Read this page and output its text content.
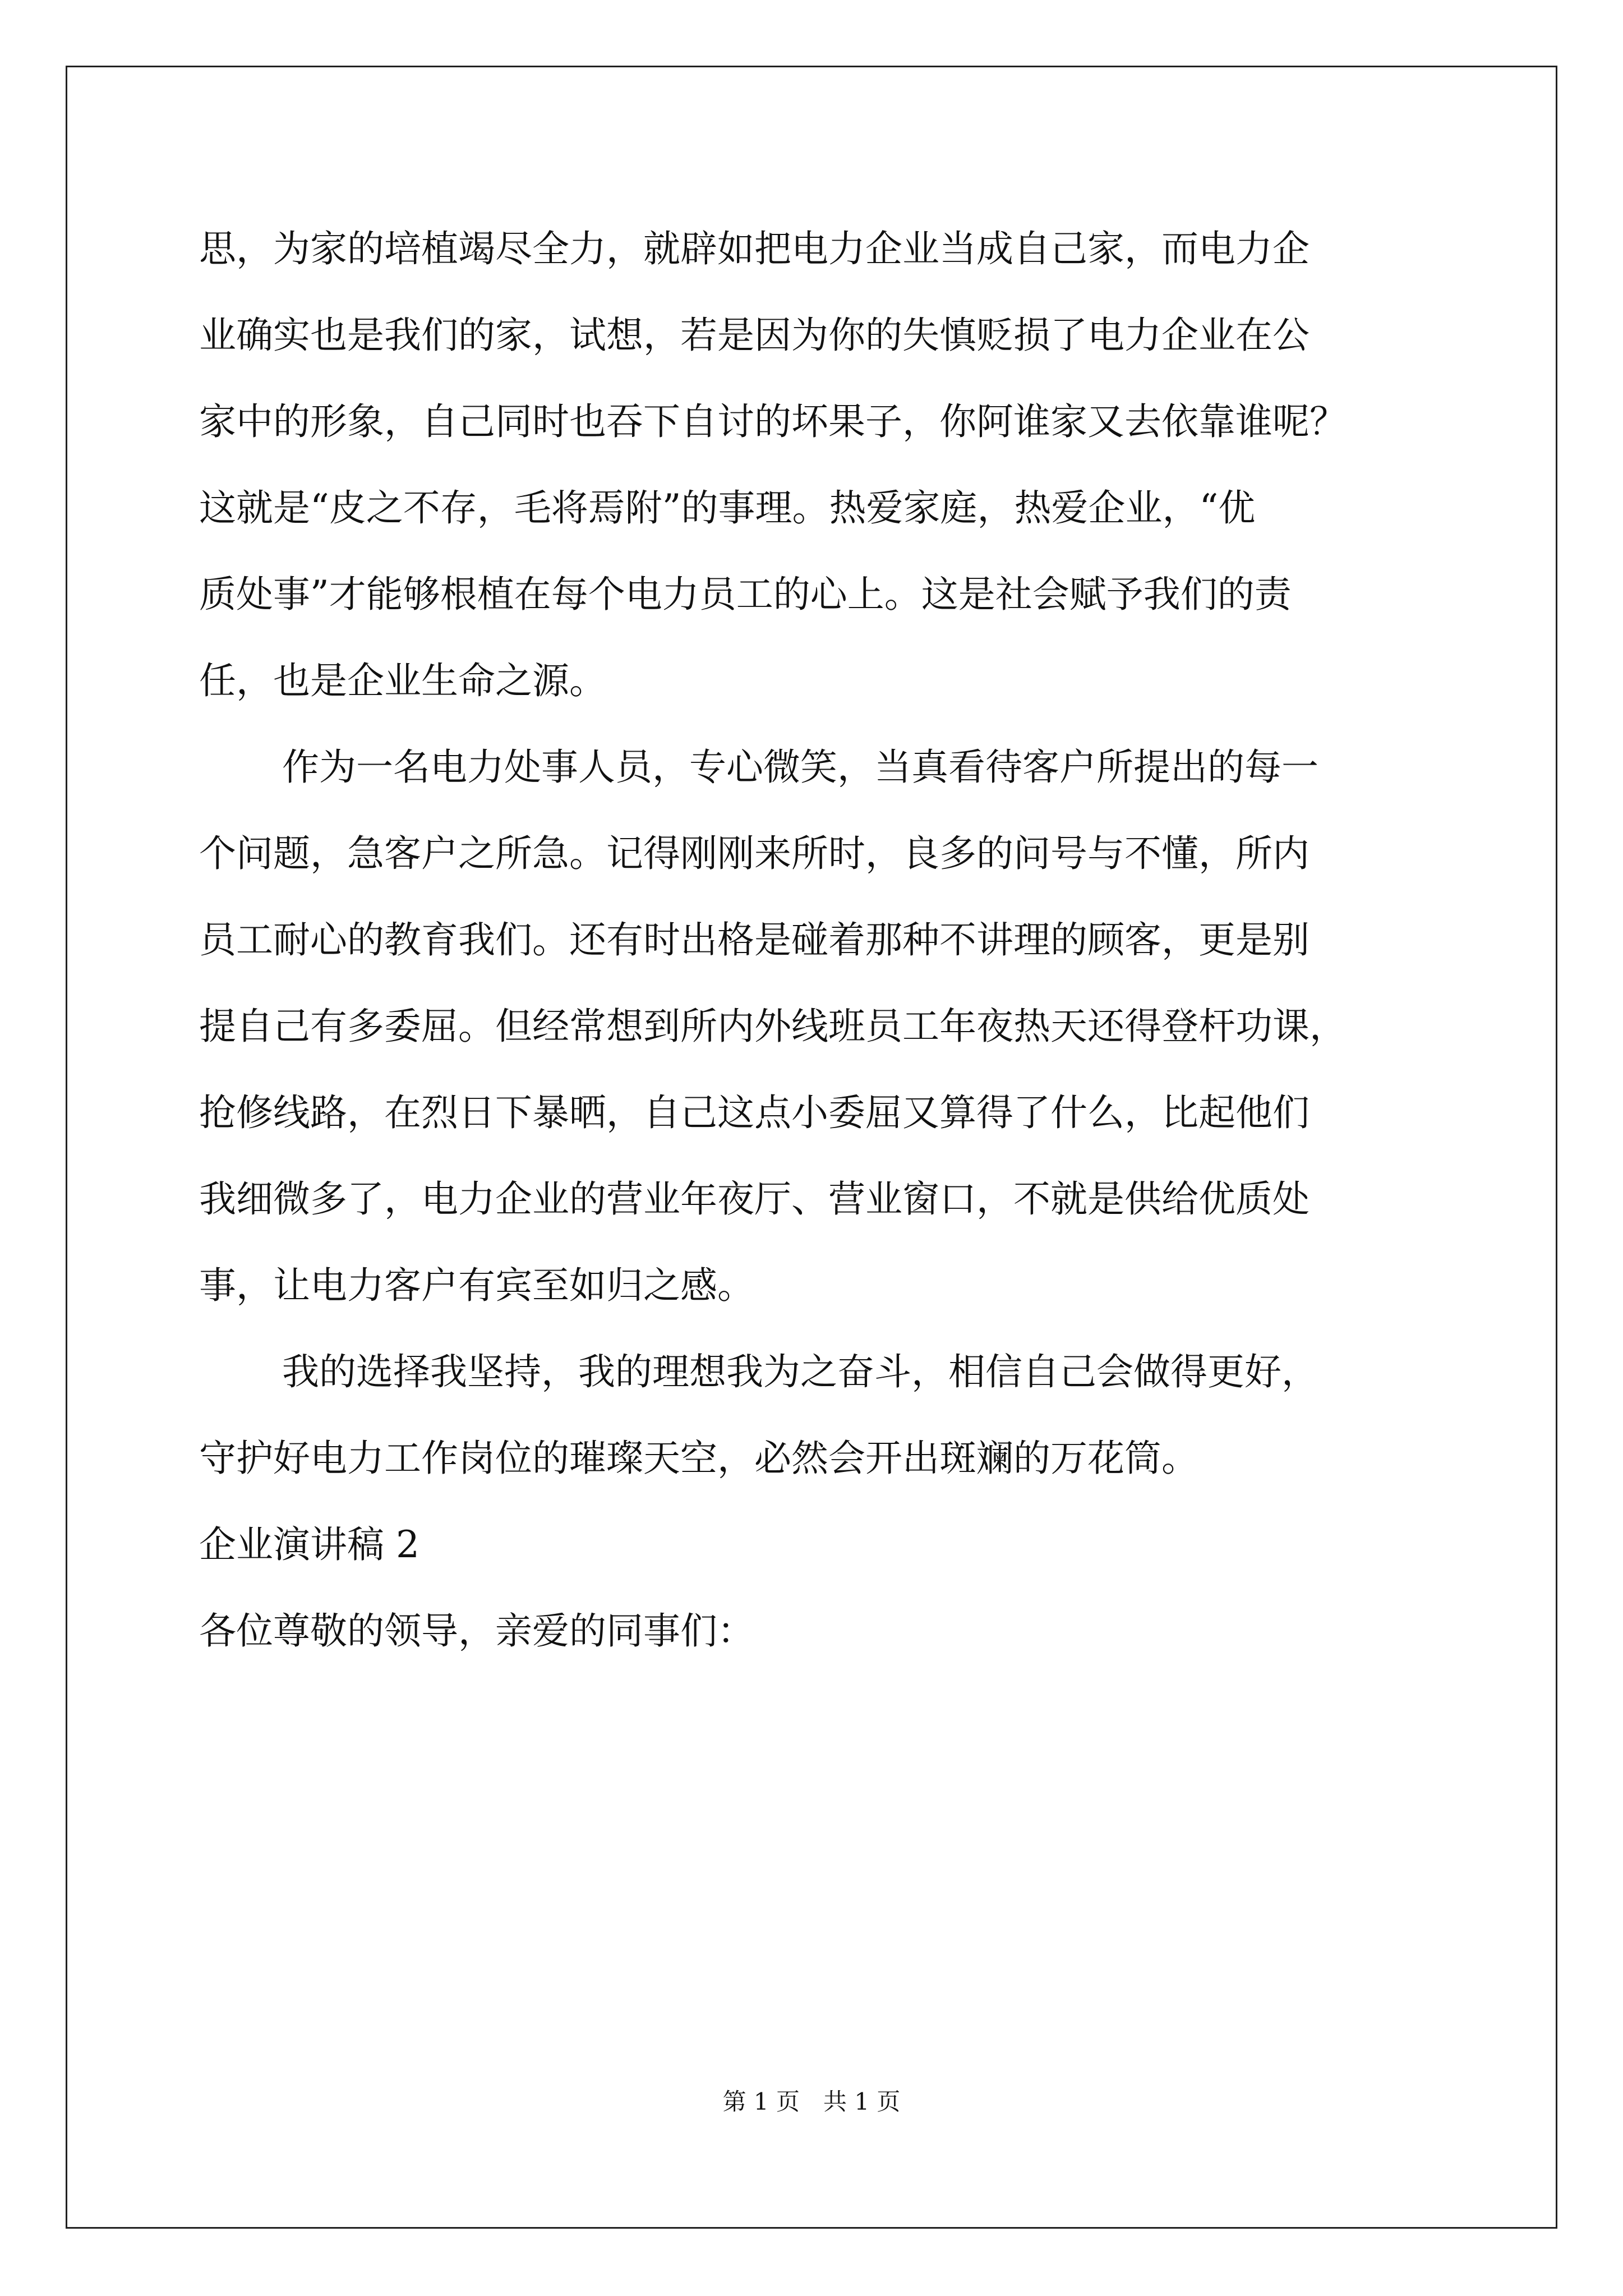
思，为家的培植竭尽全力，就辟如把电力企业当成自己家，而电力企
业确实也是我们的家，试想，若是因为你的失慎贬损了电力企业在公
家中的形象，自己同时也吞下自讨的坏果子，你阿谁家又去依靠谁呢？
这就是“皮之不存，毛将焉附”的事理。热爱家庭，热爱企业，“优
质处事”才能够根植在每个电力员工的心上。这是社会赋予我们的责
任，也是企业生命之源。
作为一名电力处事人员，专心微笑，当真看待客户所提出的每一
个问题，急客户之所急。记得刚刚来所时，良多的问号与不懂，所内
员工耐心的教育我们。还有时出格是碰着那种不讲理的顾客，更是别
提自己有多委屈。但经常想到所内外线班员工年夜热天还得登杆功课，
抢修线路，在烈日下暴晒，自己这点小委屈又算得了什么，比起他们
我细微多了，电力企业的营业年夜厅、营业窗口，不就是供给优质处
事，让电力客户有宾至如归之感。
我的选择我坚持，我的理想我为之奋斗，相信自己会做得更好，
守护好电力工作岗位的璀璨天空，必然会开出斑斓的万花筒。
企业演讲稿 2
各位尊敬的领导，亲爱的同事们：
第 1 页　共 1 页
